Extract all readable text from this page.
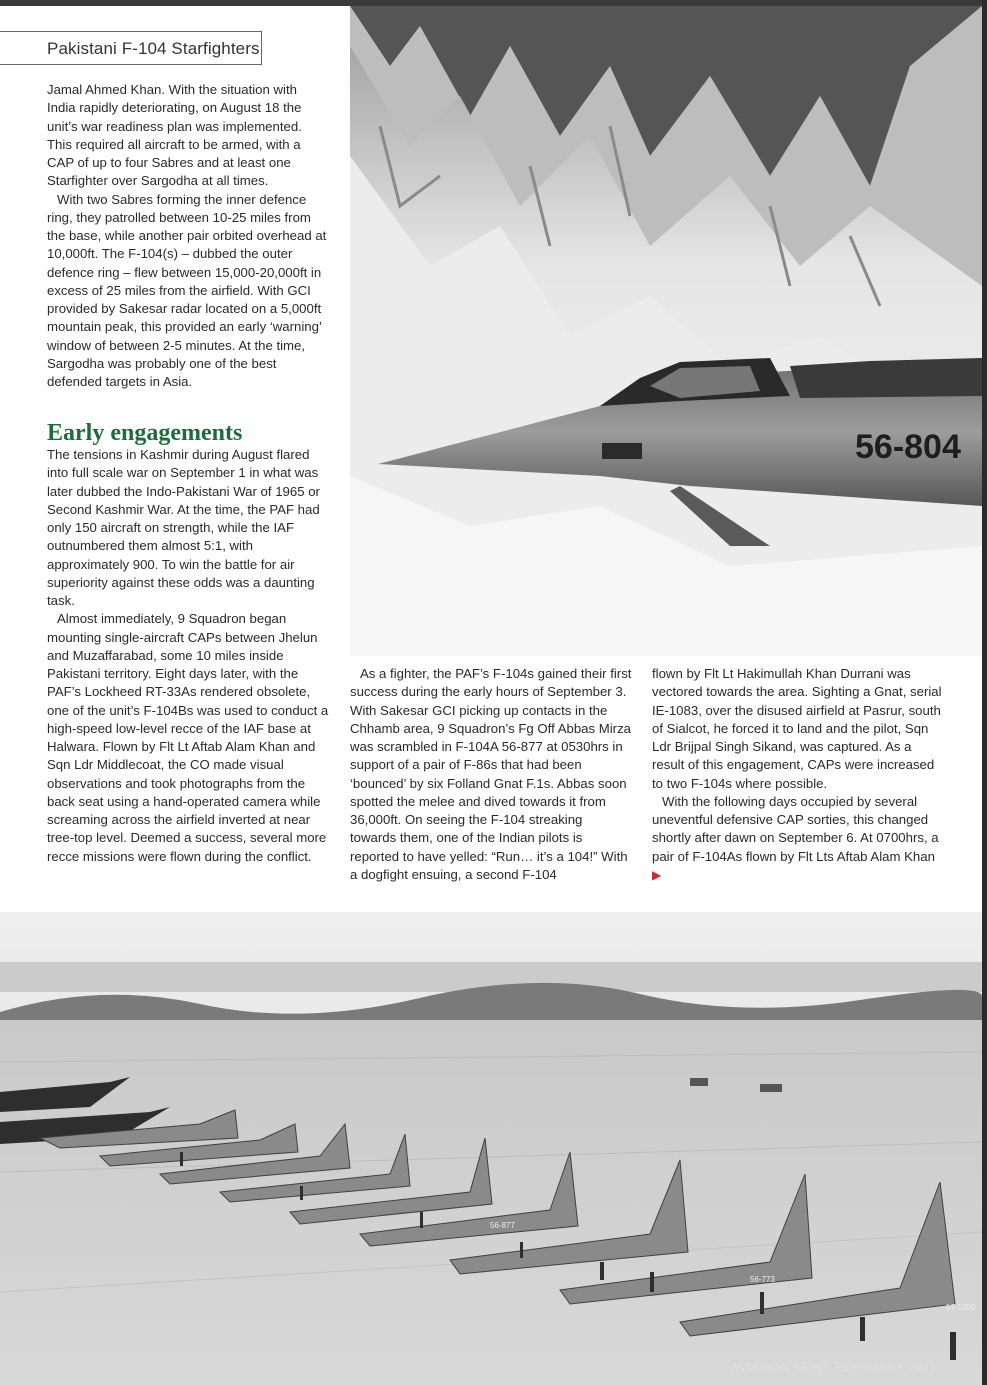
56-804
56-877
56-773
57-1309
Pakistani F-104 Starfighters

Jamal Ahmed Khan. With the situation with India rapidly deteriorating, on August 18 the unit’s war readiness plan was implemented. This required all aircraft to be armed, with a CAP of up to four Sabres and at least one Starfighter over Sargodha at all times.

With two Sabres forming the inner defence ring, they patrolled between 10-25 miles from the base, while another pair orbited overhead at 10,000ft. The F-104(s) – dubbed the outer defence ring – flew between 15,000-20,000ft in excess of 25 miles from the airfield. With GCI provided by Sakesar radar located on a 5,000ft mountain peak, this provided an early ‘warning’ window of between 2-5 minutes. At the time, Sargodha was probably one of the best defended targets in Asia.

Early engagements

The tensions in Kashmir during August flared into full scale war on September 1 in what was later dubbed the Indo-Pakistani War of 1965 or Second Kashmir War. At the time, the PAF had only 150 aircraft on strength, while the IAF outnumbered them almost 5:1, with approximately 900. To win the battle for air superiority against these odds was a daunting task.

Almost immediately, 9 Squadron began mounting single-aircraft CAPs between Jhelun and Muzaffarabad, some 10 miles inside Pakistani territory. Eight days later, with the PAF’s Lockheed RT-33As rendered obsolete, one of the unit’s F-104Bs was used to conduct a high-speed low-level recce of the IAF base at Halwara. Flown by Flt Lt Aftab Alam Khan and Sqn Ldr Middlecoat, the CO made visual observations and took photographs from the back seat using a hand-operated camera while screaming across the airfield inverted at near tree-top level. Deemed a success, several more recce missions were flown during the conflict.

As a fighter, the PAF’s F-104s gained their first success during the early hours of September 3. With Sakesar GCI picking up contacts in the Chhamb area, 9 Squadron’s Fg Off Abbas Mirza was scrambled in F-104A 56-877 at 0530hrs in support of a pair of F-86s that had been ‘bounced’ by six Folland Gnat F.1s. Abbas soon spotted the melee and dived towards it from 36,000ft. On seeing the F-104 streaking towards them, one of the Indian pilots is reported to have yelled: “Run… it’s a 104!” With a dogfight ensuing, a second F-104

flown by Flt Lt Hakimullah Khan Durrani was vectored towards the area. Sighting a Gnat, serial IE-1083, over the disused airfield at Pasrur, south of Sialcot, he forced it to land and the pilot, Sqn Ldr Brijpal Singh Sikand, was captured. As a result of this engagement, CAPs were increased to two F-104s where possible.

With the following days occupied by several uneventful defensive CAP sorties, this changed shortly after dawn on September 6. At 0700hrs, a pair of F-104As flown by Flt Lts Aftab Alam Khan ▶

54	AVIATION NEWS FEBRUARY 2023
